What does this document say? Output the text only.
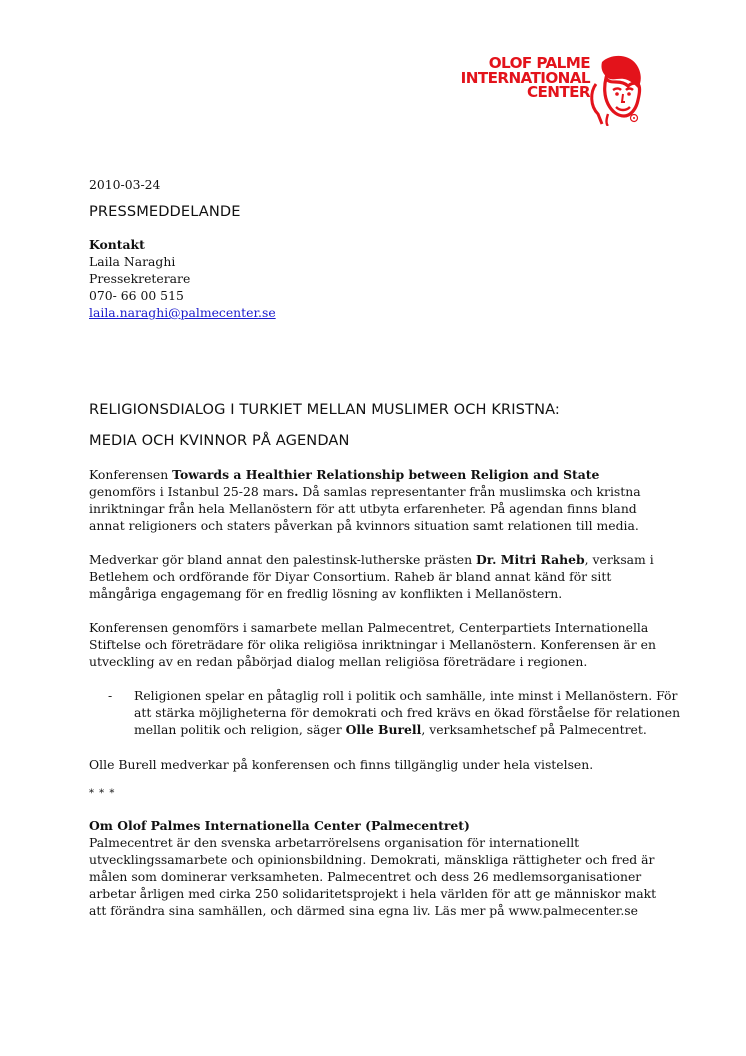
OLOF PALME
INTERNATIONAL
CENTER
2010-03-24
PRESSMEDDELANDE
Kontakt
Laila Naraghi
Pressekreterare
070- 66 00 515
laila.naraghi@palmecenter.se
RELIGIONSDIALOG I TURKIET MELLAN MUSLIMER OCH KRISTNA:
MEDIA OCH KVINNOR PÅ AGENDAN
Konferensen Towards a Healthier Relationship between Religion and State genomförs i Istanbul 25-28 mars. Då samlas representanter från muslimska och kristna inriktningar från hela Mellanöstern för att utbyta erfarenheter. På agendan finns bland annat religioners och staters påverkan på kvinnors situation samt relationen till media.
Medverkar gör bland annat den palestinsk-lutherske prästen Dr. Mitri Raheb, verksam i Betlehem och ordförande för Diyar Consortium. Raheb är bland annat känd för sitt mångåriga engagemang för en fredlig lösning av konflikten i Mellanöstern.
Konferensen genomförs i samarbete mellan Palmecentret, Centerpartiets Internationella Stiftelse och företrädare för olika religiösa inriktningar i Mellanöstern. Konferensen är en utveckling av en redan påbörjad dialog mellan religiösa företrädare i regionen.
- Religionen spelar en påtaglig roll i politik och samhälle, inte minst i Mellanöstern. För att stärka möjligheterna för demokrati och fred krävs en ökad förståelse för relationen mellan politik och religion, säger Olle Burell, verksamhetschef på Palmecentret.
Olle Burell medverkar på konferensen och finns tillgänglig under hela vistelsen.
* * *
Om Olof Palmes Internationella Center (Palmecentret)
Palmecentret är den svenska arbetarrörelsens organisation för internationellt utvecklingssamarbete och opinionsbildning. Demokrati, mänskliga rättigheter och fred är målen som dominerar verksamheten. Palmecentret och dess 26 medlemsorganisationer arbetar årligen med cirka 250 solidaritetsprojekt i hela världen för att ge människor makt att förändra sina samhällen, och därmed sina egna liv. Läs mer på www.palmecenter.se
